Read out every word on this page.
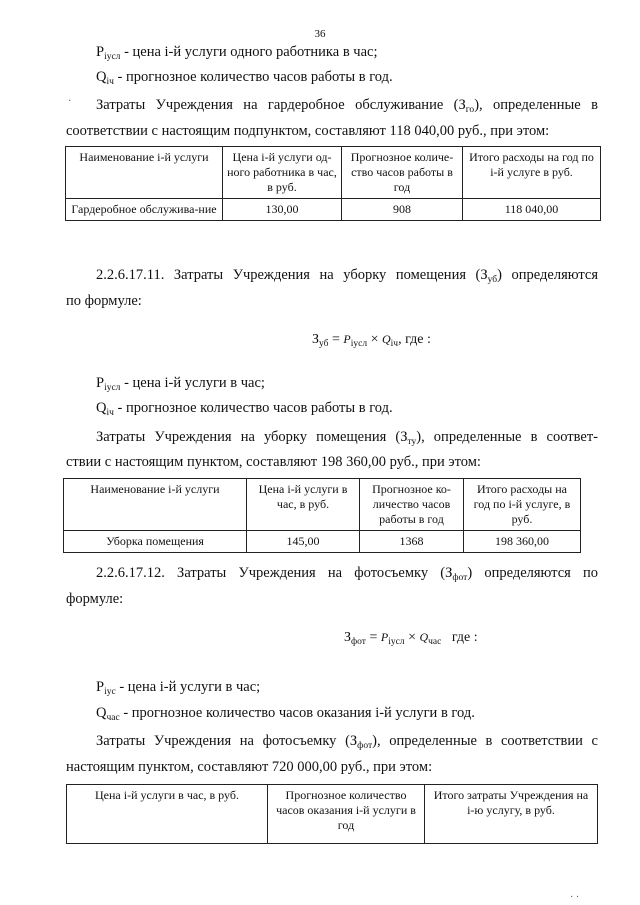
36
$P_{iусл}$ - цена i-й услуги одного работника в час;
$Q_{iч}$ - прогнозное количество часов работы в год.
· Затраты Учреждения на гардеробное обслуживание $(З_{го})$, определенные в
соответствии с настоящим подпунктом, составляют 118 040,00 руб., при этом:
Наименование i-й услуги	Цена i-й услуги од-ного работника в час, в руб.	Прогнозное количе-ство часов работы в год	Итого расходы на год по i-й услуге в руб.
Гардеробное обслужива-ние	130,00	908	118 040,00
2.2.6.17.11. Затраты Учреждения на уборку помещения $(З_{уб})$ определяются
по формуле:
$З_{уб} = P_{iусл} \times Q_{iч}$, где :
$P_{iусл}$ - цена i-й услуги в час;
$Q_{iч}$ - прогнозное количество часов работы в год.
Затраты Учреждения на уборку помещения $(З_{ту})$, определенные в соответ-
ствии с настоящим пунктом, составляют 198 360,00 руб., при этом:
Наименование i-й услуги	Цена i-й услуги в час, в руб.	Прогнозное ко-личество часов работы в год	Итого расходы на год по i-й услуге, в руб.
Уборка помещения	145,00	1368	198 360,00
2.2.6.17.12. Затраты Учреждения на фотосъемку $(З_{фот})$ определяются по
формуле:
$З_{фот} = P_{iусл} \times Q_{час}$ где :
$P_{iус}$ - цена i-й услуги в час;
$Q_{час}$ - прогнозное количество часов оказания i-й услуги в год.
Затраты Учреждения на фотосъемку $(З_{фот})$, определенные в соответствии с
настоящим пунктом, составляют 720 000,00 руб., при этом:
Цена i-й услуги в час, в руб.	Прогнозное количество часов оказания i-й услуги в год	Итого затраты Учреждения на i-ю услугу, в руб.
· ·
